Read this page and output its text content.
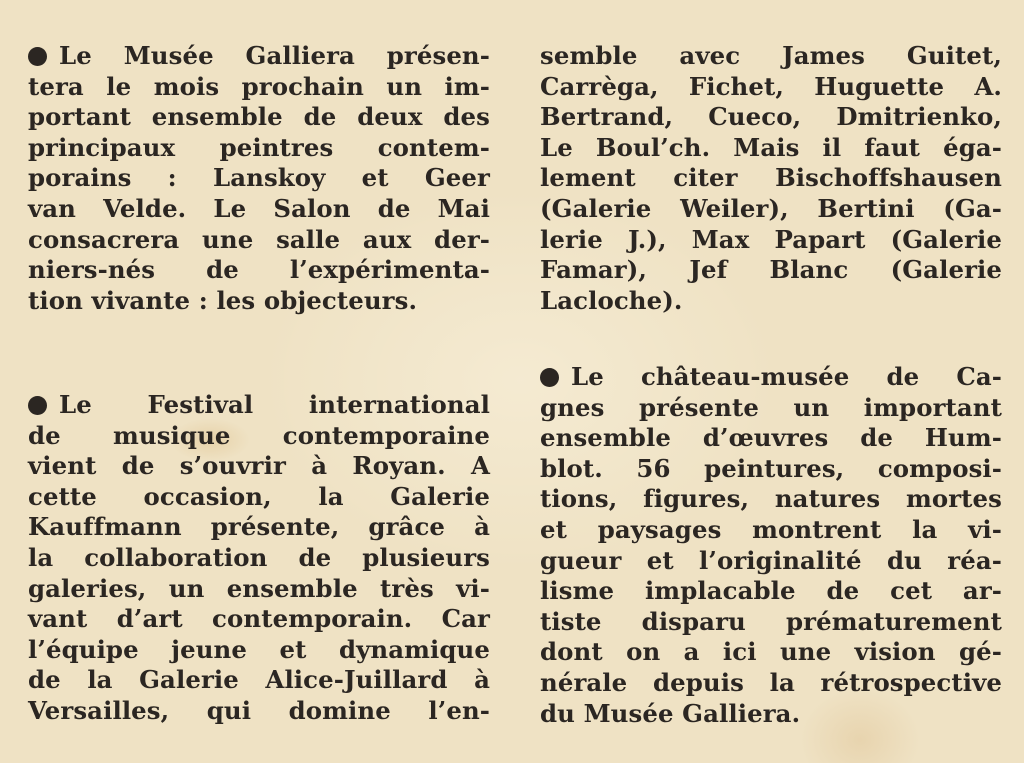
Le Musée Galliera présen-
tera le mois prochain un im-
portant ensemble de deux des
principaux peintres contem-
porains : Lanskoy et Geer
van Velde. Le Salon de Mai
consacrera une salle aux der-
niers-nés de l’expérimenta-
tion vivante : les objecteurs.
Le Festival international
de musique contemporaine
vient de s’ouvrir à Royan. A
cette occasion, la Galerie
Kauffmann présente, grâce à
la collaboration de plusieurs
galeries, un ensemble très vi-
vant d’art contemporain. Car
l’équipe jeune et dynamique
de la Galerie Alice-Juillard à
Versailles, qui domine l’en-
semble avec James Guitet,
Carrèga, Fichet, Huguette A.
Bertrand, Cueco, Dmitrienko,
Le Boul’ch. Mais il faut éga-
lement citer Bischoffshausen
(Galerie Weiler), Bertini (Ga-
lerie J.), Max Papart (Galerie
Famar), Jef Blanc (Galerie
Lacloche).
Le château-musée de Ca-
gnes présente un important
ensemble d’œuvres de Hum-
blot. 56 peintures, composi-
tions, figures, natures mortes
et paysages montrent la vi-
gueur et l’originalité du réa-
lisme implacable de cet ar-
tiste disparu prématurement
dont on a ici une vision gé-
nérale depuis la rétrospective
du Musée Galliera.
